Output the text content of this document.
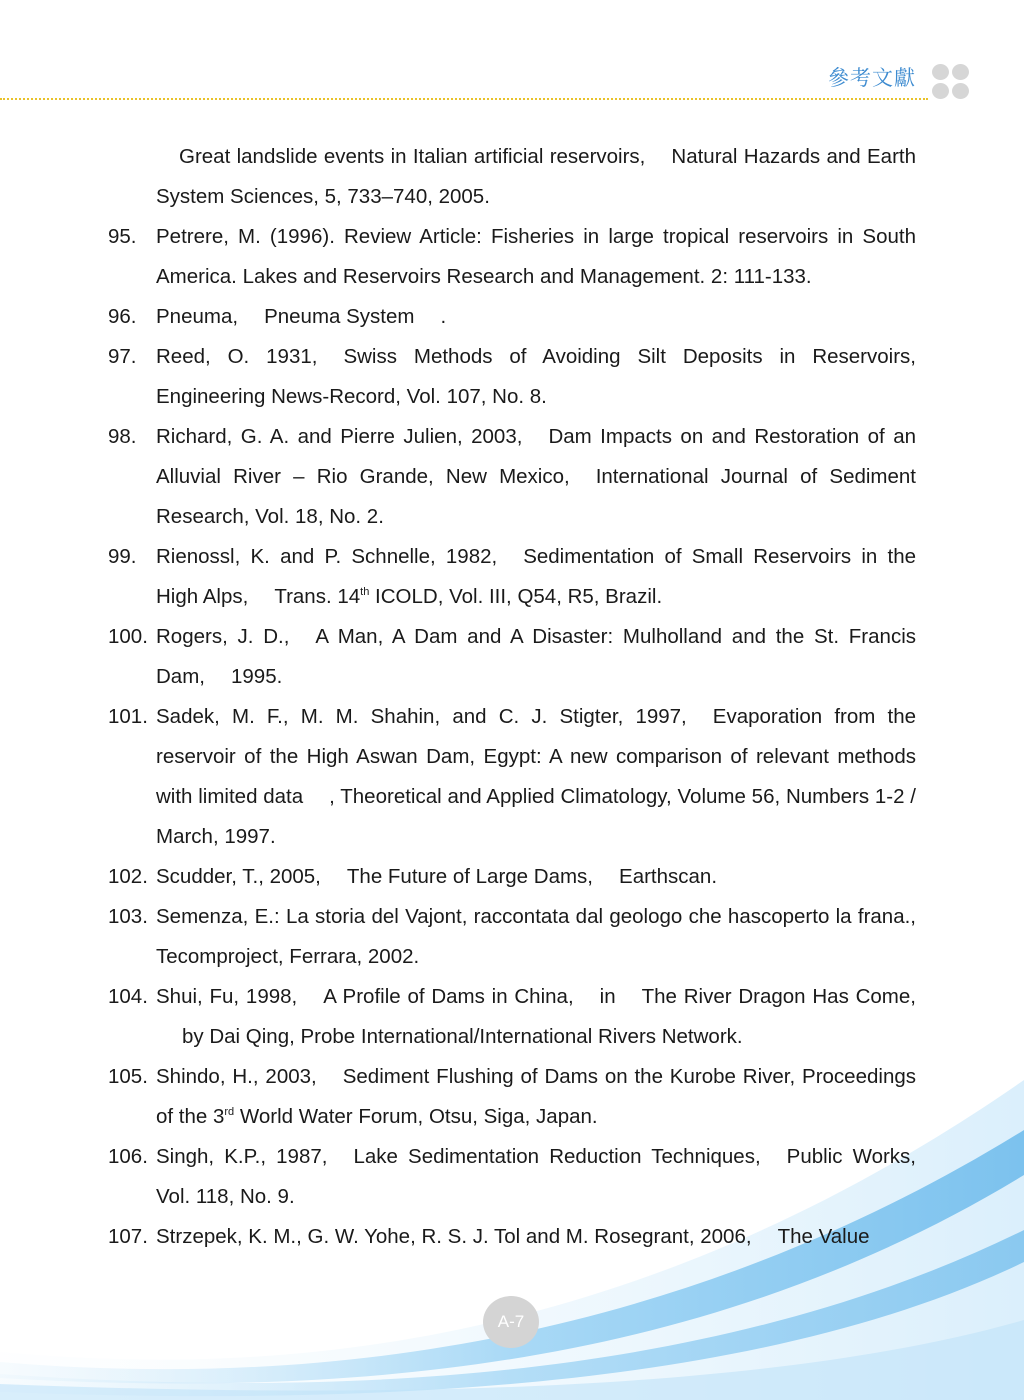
參考文獻
Great landslide events in Italian artificial reservoirs, Natural Hazards and Earth System Sciences, 5, 733–740, 2005.
95. Petrere, M. (1996). Review Article: Fisheries in large tropical reservoirs in South America. Lakes and Reservoirs Research and Management. 2: 111-133.
96. Pneuma, Pneuma System .
97. Reed, O. 1931, Swiss Methods of Avoiding Silt Deposits in Reservoirs, Engineering News-Record, Vol. 107, No. 8.
98. Richard, G. A. and Pierre Julien, 2003, Dam Impacts on and Restoration of an Alluvial River – Rio Grande, New Mexico, International Journal of Sediment Research, Vol. 18, No. 2.
99. Rienossl, K. and P. Schnelle, 1982, Sedimentation of Small Reservoirs in the High Alps, Trans. 14th ICOLD, Vol. III, Q54, R5, Brazil.
100. Rogers, J. D., A Man, A Dam and A Disaster: Mulholland and the St. Francis Dam, 1995.
101. Sadek, M. F., M. M. Shahin, and C. J. Stigter, 1997, Evaporation from the reservoir of the High Aswan Dam, Egypt: A new comparison of relevant methods with limited data , Theoretical and Applied Climatology, Volume 56, Numbers 1-2 / March, 1997.
102. Scudder, T., 2005, The Future of Large Dams, Earthscan.
103. Semenza, E.: La storia del Vajont, raccontata dal geologo che hascoperto la frana., Tecomproject, Ferrara, 2002.
104. Shui, Fu, 1998, A Profile of Dams in China, in The River Dragon Has Come,by Dai Qing, Probe International/International Rivers Network.
105. Shindo, H., 2003, Sediment Flushing of Dams on the Kurobe River, Proceedings of the 3rd World Water Forum, Otsu, Siga, Japan.
106. Singh, K.P., 1987, Lake Sedimentation Reduction Techniques, Public Works, Vol. 118, No. 9.
107. Strzepek, K. M., G. W. Yohe, R. S. J. Tol and M. Rosegrant, 2006, The Value
A-7
